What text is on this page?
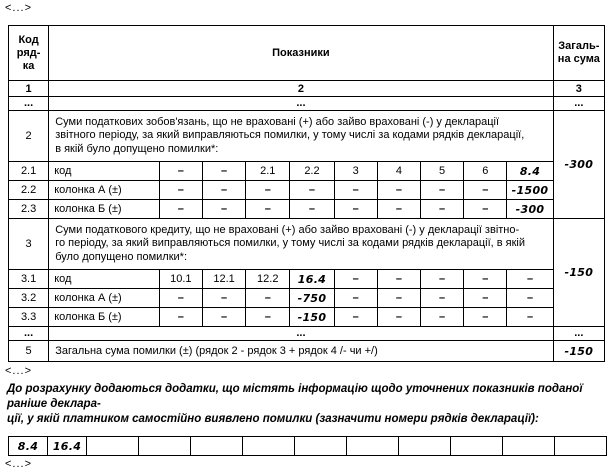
<...>
Код
ряд-
ка	Показники										Загаль-
на сума

1	2										3
...	...										...
2	Суми податкових зобов'язань, що не враховані (+) або зайво враховані (-) у декларації
звітного періоду, за який виправляються помилки, у тому числі за кодами рядків декларації,
в якій було допущено помилки*:										-300
2.1	код	–	–	2.1	2.2	3	4	5	6	8.4	
2.2	колонка А (±)	–	–	–	–	–	–	–	–	-1500	
2.3	колонка Б (±)	–	–	–	–	–	–	–	–	-300	
3	Суми податкового кредиту, що не враховані (+) або зайво враховані (-) у декларації звітно-
го періоду, за який виправляються помилки, у тому числі за кодами рядків декларації, в якій
було допущено помилки*:										-150
3.1	код	10.1	12.1	12.2	16.4	–	–	–	–	–	
3.2	колонка А (±)	–	–	–	-750	–	–	–	–	–	
3.3	колонка Б (±)	–	–	–	-150	–	–	–	–	–	
...	...										...
5	Загальна сума помилки (±) (рядок 2 - рядок 3 + рядок 4 /- чи +/)										-150
<...>
До розрахунку додаються додатки, що містять інформацію щодо уточнених показників поданої раніше деклара-
ції, у якій платником самостійно виявлено помилки (зазначити номери рядків декларації):
8.4	16.4										
<...>
